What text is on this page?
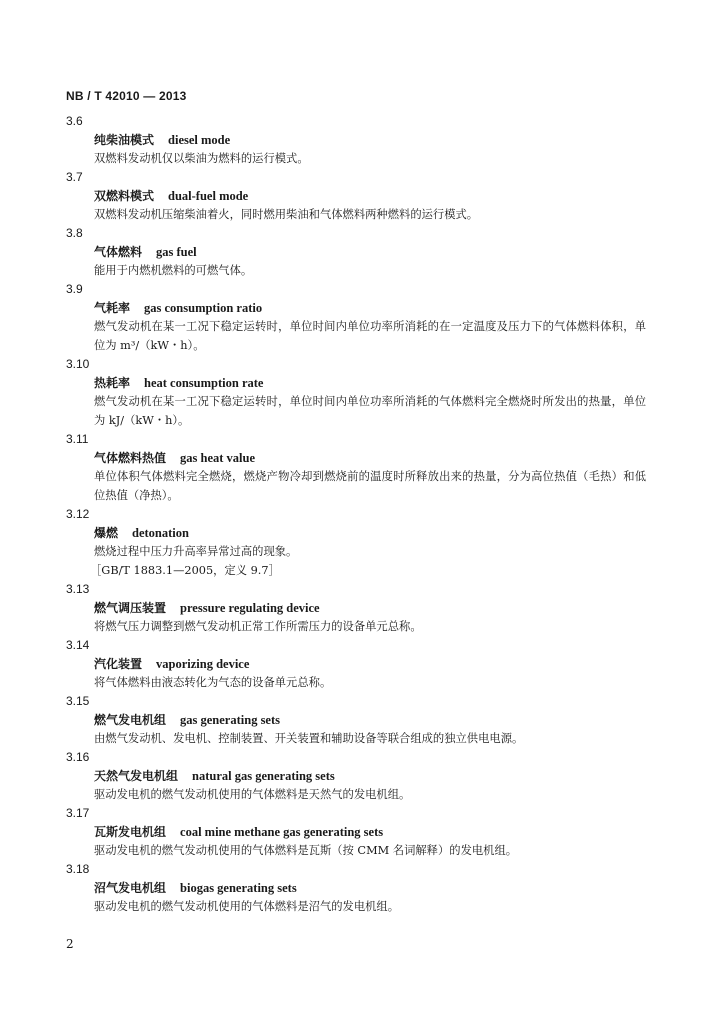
NB / T 42010 — 2013
3.6
纯柴油模式 diesel mode
双燃料发动机仅以柴油为燃料的运行模式。
3.7
双燃料模式 dual-fuel mode
双燃料发动机压缩柴油着火，同时燃用柴油和气体燃料两种燃料的运行模式。
3.8
气体燃料 gas fuel
能用于内燃机燃料的可燃气体。
3.9
气耗率 gas consumption ratio
燃气发动机在某一工况下稳定运转时，单位时间内单位功率所消耗的在一定温度及压力下的气体燃料体积，单位为 m³/（kW・h）。
3.10
热耗率 heat consumption rate
燃气发动机在某一工况下稳定运转时，单位时间内单位功率所消耗的气体燃料完全燃烧时所发出的热量，单位为 kJ/（kW・h）。
3.11
气体燃料热值 gas heat value
单位体积气体燃料完全燃烧，燃烧产物冷却到燃烧前的温度时所释放出来的热量，分为高位热值（毛热）和低位热值（净热）。
3.12
爆燃 detonation
燃烧过程中压力升高率异常过高的现象。
［GB/T 1883.1—2005，定义 9.7］
3.13
燃气调压装置 pressure regulating device
将燃气压力调整到燃气发动机正常工作所需压力的设备单元总称。
3.14
汽化装置 vaporizing device
将气体燃料由液态转化为气态的设备单元总称。
3.15
燃气发电机组 gas generating sets
由燃气发动机、发电机、控制装置、开关装置和辅助设备等联合组成的独立供电电源。
3.16
天然气发电机组 natural gas generating sets
驱动发电机的燃气发动机使用的气体燃料是天然气的发电机组。
3.17
瓦斯发电机组 coal mine methane gas generating sets
驱动发电机的燃气发动机使用的气体燃料是瓦斯（按 CMM 名词解释）的发电机组。
3.18
沼气发电机组 biogas generating sets
驱动发电机的燃气发动机使用的气体燃料是沼气的发电机组。
2
